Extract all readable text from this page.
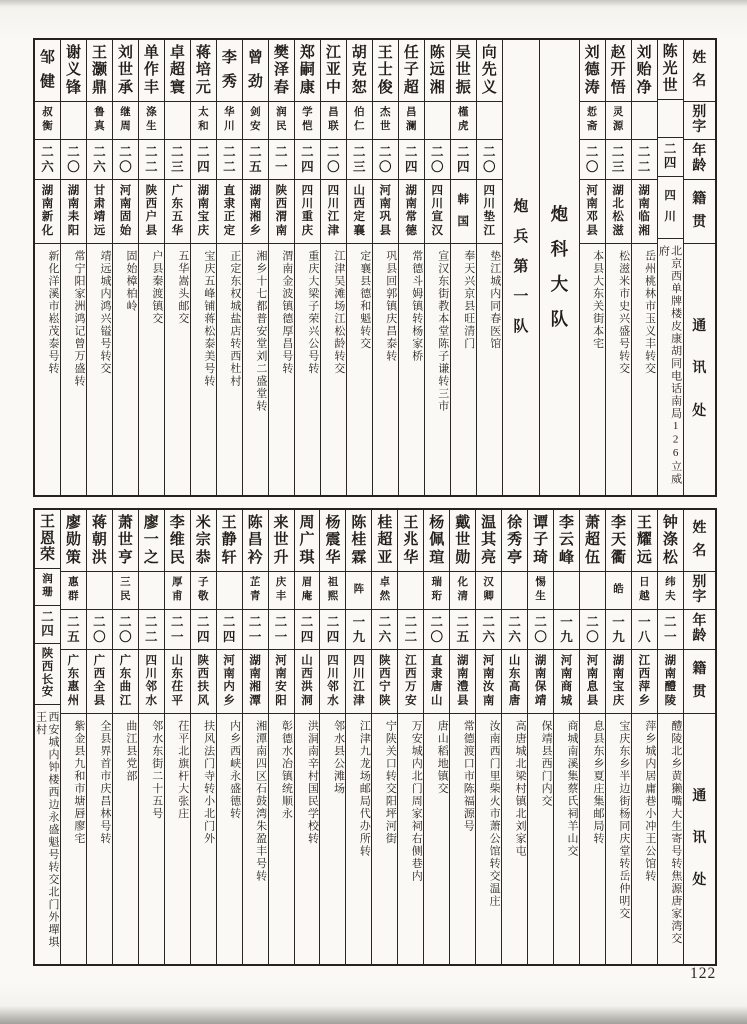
邹
健
叔
衡
二
六
湖
南
新
化
新化洋溪市崧茂泰号转
谢
义
锋
二
〇
湖
南
耒
阳
常宁阳家洲鸿记曾万盛转
王
灏
鼎
鲁
真
二
六
甘
肃
靖
远
靖远城内鸿兴镒号转交
刘
世
承
继
周
二
〇
河
南
固
始
固始樟柏岭
单
作
丰
涤
生
二
二
陕
西
户
县
户县秦渡镇交
卓
超
寰
二
三
广
东
五
华
五华嵩头邮交
蒋
培
元
太
和
二
四
湖
南
宝
庆
宝庆五峰铺蒋松泰美号转
李
秀
华
川
二
二
直
隶
正
定
正定东权城盐店转西杜村
曾
劲
剑
安
二
五
湖
南
湘
乡
湘乡十七都普安堂刘二盛堂转
樊
泽
春
润
民
二
一
陕
西
渭
南
渭南金波镇德厚昌号转
郑
嗣
康
学
恺
二
四
四
川
重
庆
重庆大梁子荣兴公号转
江
亚
中
昌
联
二
〇
四
川
江
津
江津吴滩场江松龄转交
胡
克
恕
伯
仁
二
三
山
西
定
襄
定襄县德和魁转交
王
士
俊
杰
世
二
〇
河
南
巩
县
巩县回郭镇庆昌泰转
任
子
超
昌
澜
二
四
湖
南
常
德
常德斗姆镇转杨家桥
陈
远
湘
二
〇
四
川
宣
汉
宣汉东街教本堂陈子谦转三市
吴
世
振
槿
虎
二
四
韩
国
奉天兴京县旺清门
向
先
义
二
〇
四
川
垫
江
垫江城内同春医馆
炮
兵
第
一
队
炮
科
大
队
刘
德
涛
悊
斋
二
〇
河
南
邓
县
本县大东关街本宅
赵
开
悟
灵
源
二
三
湖
北
松
滋
松滋米市史兴盛号转交
刘
贻
净
二
二
湖
南
临
湘
岳州桃林市玉义丰转交
陈
光
世
二
四
四
川
北京西单牌楼皮康胡同电话南局126立威府
姓
名
别
字
年
龄
籍
贯
通
讯
处
王
恩
荣
润
珊
二
四
陕
西
长
安
西安城内钟楼西边永盛魁号转交北门外墠埧王村
廖
勋
策
惠
群
二
五
广
东
惠
州
紫金县九和市塘唇廖宅
蒋
朝
洪
二
〇
广
西
全
县
全县界首市庆昌林号转
萧
世
亨
三
民
二
〇
广
东
曲
江
曲江县党部
廖
一
之
二
二
四
川
邻
水
邻水东街二十五号
李
维
民
厚
甫
二
一
山
东
茌
平
茌平北旗杆大张庄
米
宗
恭
子
敬
二
四
陕
西
扶
风
扶风法门寺转小北门外
王
静
轩
二
四
河
南
内
乡
内乡西峡永盛德转
陈
昌
衿
芷
青
二
一
湖
南
湘
潭
湘潭南四区石鼓湾朱盈丰号转
来
世
升
庆
丰
二
一
河
南
安
阳
彰德水冶镇统顺永
周
广
琪
眉
庵
二
四
山
西
洪
洞
洪洞南辛村国民学校转
杨
震
华
祖
熙
二
四
四
川
邻
水
邻水县公滩场
陈
桂
霖
阵
一
九
四
川
江
津
江津九龙场邮局代办所转
桂
超
亚
卓
然
二
六
陕
西
宁
陕
宁陕关口转交阳坪河街
王
兆
华
二
二
江
西
万
安
万安城内北门周家祠右侧巷内
杨
佩
瑄
瑞
珩
二
〇
直
隶
唐
山
唐山稻地镇交
戴
世
勋
化
清
二
五
湖
南
澧
县
常德渡口市陈福源号
温
其
亮
汉
卿
二
六
河
南
汝
南
汝南西门里柴火市萧公馆转交温庄
徐
秀
亭
二
六
山
东
高
唐
高唐城北梁村镇北刘家屯
谭
子
琦
惕
生
二
〇
湖
南
保
靖
保靖县西门内交
李
云
峰
一
九
河
南
商
城
商城南溪集蔡氏祠羊山交
萧
超
伍
二
〇
河
南
息
县
息县东乡夏庄集邮局转
李
天
衢
皓
一
九
湖
南
宝
庆
宝庆东乡半边街杨同庆堂转岳仲明交
王
耀
远
日
越
一
八
江
西
萍
乡
萍乡城内居庸巷小冲王公馆转
钟
涤
松
纬
夫
二
一
湖
南
醴
陵
醴陵北乡黄獭嘴大生寄号转焦源唐家湾交
姓
名
别
字
年
龄
籍
贯
通
讯
处
122
